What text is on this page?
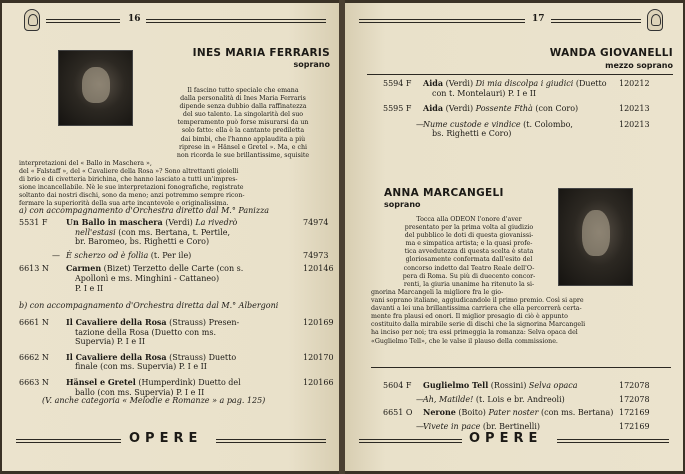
16
INES MARIA FERRARIS
soprano
Il fascino tutto speciale che emana
dalla personalità di Ines Maria Ferraris
dipende senza dubbio dalla raffinatezza
del suo talento. La singolarità del suo
temperamento può forse misurarsi da un
solo fatto: ella è la cantante prediletta
dai bimbi, che l'hanno applaudita a più
riprese in « Hänsel e Gretel ». Ma, e chi
non ricorda le sue brillantissime, squisite
interpretazioni del « Ballo in Maschera »,
del « Falstaff », del « Cavaliere della Rosa »? Sono altrettanti gioielli
di brio e di civetteria birichina, che hanno lasciato a tutti un'impres-
sione incancellabile. Nè le sue interpretazioni fonografiche, registrate
soltanto dai nostri dischi, sono da meno; anzi potremmo sempre ricon-
fermare la superiorità della sua arte incantevole e originalissima.
a) con accompagnamento d'Orchestra diretto dal M.° Panizza
5531 F Un Ballo in maschera (Verdi) La rivedrò
nell'estasi (con ms. Bertana, t. Pertile,
br. Baromeo, bs. Righetti e Coro)
74974
— È scherzo od è follia (t. Per ile)	74973
6613 N Carmen (Bizet) Terzetto delle Carte (con s.
Apollonì e ms. Minghini - Cattaneo)
P. I e II
120146
b) con accompagnamento d'Orchestra diretta dal M.° Albergoni
6661 N Il Cavaliere della Rosa (Strauss) Presen-
tazione della Rosa (Duetto con ms.
Supervia) P. I e II
120169
6662 N Il Cavaliere della Rosa (Strauss) Duetto
finale (con ms. Supervia) P. I e II
120170
6663 N Hänsel e Gretel (Humperdink) Duetto del
ballo (con ms. Supervia) P. I e II
120166
(V. anche categoria « Melodie e Romanze » a pag. 125)
OPERE
17
WANDA GIOVANELLI
mezzo soprano
5594 F Aida (Verdi) Di mia discolpa i giudici (Duetto
con t. Montelauri) P. I e II
120212
5595 F Aida (Verdi) Possente Fthà (con Coro)	120213
— Nume custode e vindice (t. Colombo,
bs. Righetti e Coro)
120213
ANNA MARCANGELI
soprano
Tocca alla ODEON l'onore d'aver
presentato per la prima volta al giudizio
del pubblico le doti di questa giovanissi-
ma e simpatica artista; e la quasi profe-
tica avvedutezza di questa scelta è stata
gloriosamente confermata dall'esito del
concorso indetto dal Teatro Reale dell'O-
pera di Roma. Su più di duecento concor-
renti, la giuria unanime ha ritenuto la si-
gnorina Marcangeli la migliore fra le gio-
vani soprano italiane, aggiudicandole il primo premio. Così si apre
davanti a lei una brillantissima carriera che ella percorrerà certa-
mente fra plausi ed onori. Il miglior presagio di ciò è appunto
costituito dalla mirabile serie di dischi che la signorina Marcangeli
ha inciso per noi; tra essi primeggia la romanza: Selva opaca del
«Guglielmo Tell», che le valse il plauso della commissione.
5604 F Guglielmo Tell (Rossini) Selva opaca	172078
— Ah, Matilde! (t. Lois e br. Andreoli)	172078
6651 O Nerone (Boito) Pater noster (con ms. Bertana) 172169
— Vivete in pace (br. Bertinelli)	172169
OPERE
